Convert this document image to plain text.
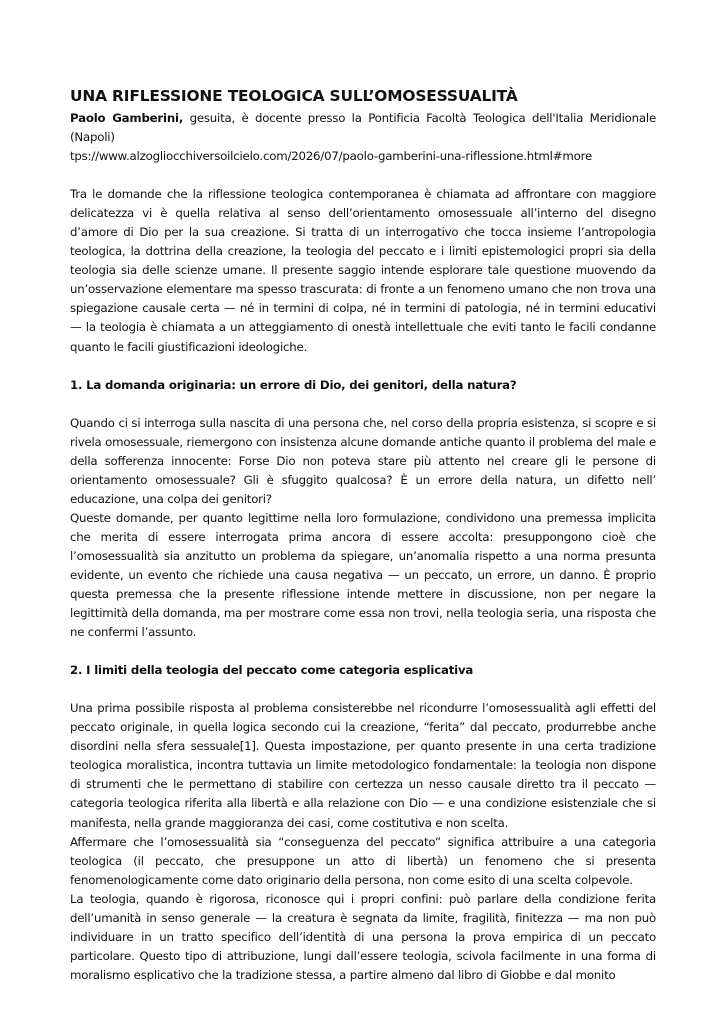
UNA RIFLESSIONE TEOLOGICA SULL’OMOSESSUALITÀ

Paolo Gamberini, gesuita, è docente presso la Pontificia Facoltà Teologica dell'Italia Meridionale (Napoli)

tps://www.alzogliocchiversoilcielo.com/2026/07/paolo-gamberini-una-riflessione.html#more

Tra le domande che la riflessione teologica contemporanea è chiamata ad affrontare con maggiore delicatezza vi è quella relativa al senso dell’orientamento omosessuale all’interno del disegno d’amore di Dio per la sua creazione. Si tratta di un interrogativo che tocca insieme l’antropologia teologica, la dottrina della creazione, la teologia del peccato e i limiti epistemologici propri sia della teologia sia delle scienze umane. Il presente saggio intende esplorare tale questione muovendo da un’osservazione elementare ma spesso trascurata: di fronte a un fenomeno umano che non trova una spiegazione causale certa — né in termini di colpa, né in termini di patologia, né in termini educativi — la teologia è chiamata a un atteggiamento di onestà intellettuale che eviti tanto le facili condanne quanto le facili giustificazioni ideologiche.

1. La domanda originaria: un errore di Dio, dei genitori, della natura?

Quando ci si interroga sulla nascita di una persona che, nel corso della propria esistenza, si scopre e si rivela omosessuale, riemergono con insistenza alcune domande antiche quanto il problema del male e della sofferenza innocente: Forse Dio non poteva stare più attento nel creare gli le persone di orientamento omosessuale? Gli è sfuggito qualcosa? È un errore della natura, un difetto nell’ educazione, una colpa dei genitori?

Queste domande, per quanto legittime nella loro formulazione, condividono una premessa implicita che merita di essere interrogata prima ancora di essere accolta: presuppongono cioè che l’omosessualità sia anzitutto un problema da spiegare, un’anomalia rispetto a una norma presunta evidente, un evento che richiede una causa negativa — un peccato, un errore, un danno. È proprio questa premessa che la presente riflessione intende mettere in discussione, non per negare la legittimità della domanda, ma per mostrare come essa non trovi, nella teologia seria, una risposta che ne confermi l’assunto.

2. I limiti della teologia del peccato come categoria esplicativa

Una prima possibile risposta al problema consisterebbe nel ricondurre l’omosessualità agli effetti del peccato originale, in quella logica secondo cui la creazione, “ferita” dal peccato, produrrebbe anche disordini nella sfera sessuale[1]. Questa impostazione, per quanto presente in una certa tradizione teologica moralistica, incontra tuttavia un limite metodologico fondamentale: la teologia non dispone di strumenti che le permettano di stabilire con certezza un nesso causale diretto tra il peccato — categoria teologica riferita alla libertà e alla relazione con Dio — e una condizione esistenziale che si manifesta, nella grande maggioranza dei casi, come costitutiva e non scelta.

Affermare che l’omosessualità sia “conseguenza del peccato” significa attribuire a una categoria teologica (il peccato, che presuppone un atto di libertà) un fenomeno che si presenta fenomenologicamente come dato originario della persona, non come esito di una scelta colpevole.

La teologia, quando è rigorosa, riconosce qui i propri confini: può parlare della condizione ferita dell’umanità in senso generale — la creatura è segnata da limite, fragilità, finitezza — ma non può individuare in un tratto specifico dell’identità di una persona la prova empirica di un peccato particolare. Questo tipo di attribuzione, lungi dall’essere teologia, scivola facilmente in una forma di moralismo esplicativo che la tradizione stessa, a partire almeno dal libro di Giobbe e dal monito
